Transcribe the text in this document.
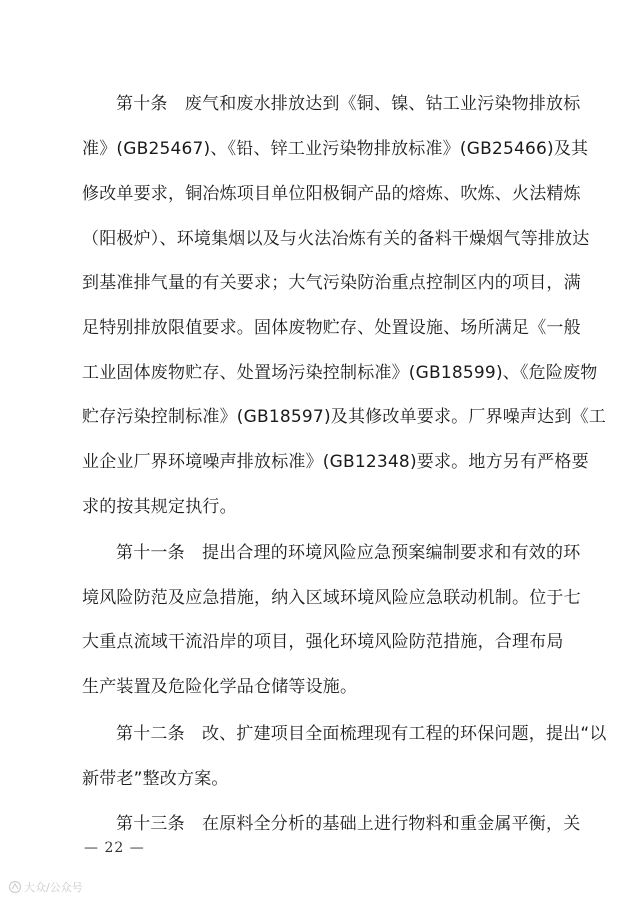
第十条　废气和废水排放达到《铜、镍、钴工业污染物排放标
准》(GB25467)、《铅、锌工业污染物排放标准》(GB25466)及其
修改单要求，铜冶炼项目单位阳极铜产品的熔炼、吹炼、火法精炼
（阳极炉）、环境集烟以及与火法冶炼有关的备料干燥烟气等排放达
到基准排气量的有关要求；大气污染防治重点控制区内的项目，满
足特别排放限值要求。固体废物贮存、处置设施、场所满足《一般
工业固体废物贮存、处置场污染控制标准》(GB18599)、《危险废物
贮存污染控制标准》(GB18597)及其修改单要求。厂界噪声达到《工
业企业厂界环境噪声排放标准》(GB12348)要求。地方另有严格要
求的按其规定执行。
第十一条　提出合理的环境风险应急预案编制要求和有效的环
境风险防范及应急措施，纳入区域环境风险应急联动机制。位于七
大重点流域干流沿岸的项目，强化环境风险防范措施，合理布局
生产装置及危险化学品仓储等设施。
第十二条　改、扩建项目全面梳理现有工程的环保问题，提出“以
新带老”整改方案。
第十三条　在原料全分析的基础上进行物料和重金属平衡，关
— 22 —
大众/公众号
